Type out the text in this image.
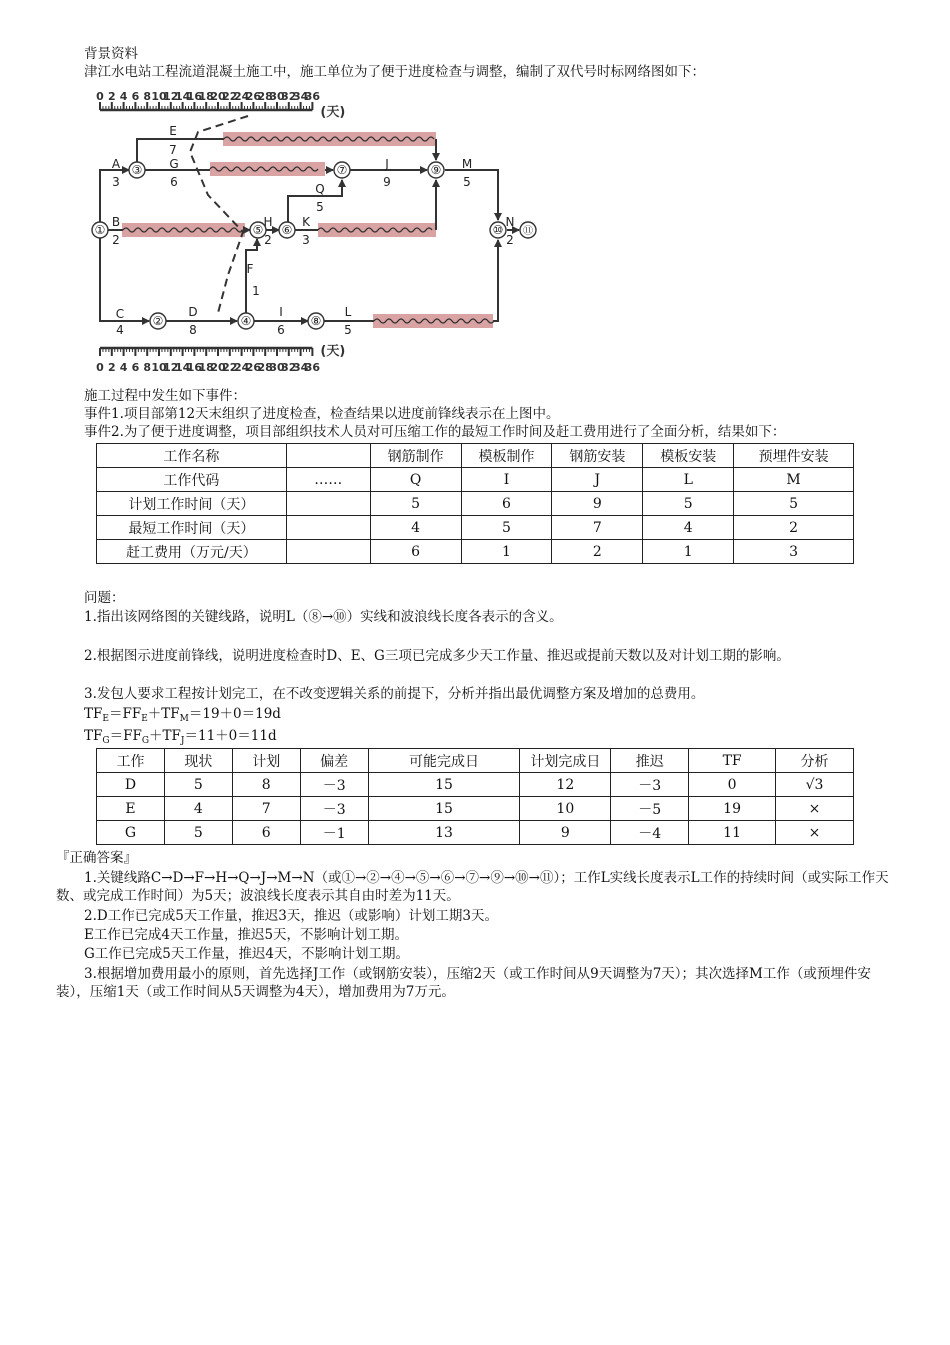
背景资料
津江水电站工程流道混凝土施工中，施工单位为了便于进度检查与调整，编制了双代号时标网络图如下：
0 2 4 6 8 10
12
14
16
18
20
22
24
26
28
30
32
34
36
(天)
0 2 4 6 8 10
12
14
16
18
20
22
24
26
28
30
32
34
36
(天)
①
②
③
④
⑤ ⑥
⑦
⑧
⑨
⑩ ⑪
A
3
B
2
C
4
D
8
E
7
F
1
G
6
H
2
I
6
J
9
K
3
L
5
M
5
N
2
Q
5
施工过程中发生如下事件：
事件1.项目部第12天末组织了进度检查，检查结果以进度前锋线表示在上图中。
事件2.为了便于进度调整，项目部组织技术人员对可压缩工作的最短工作时间及赶工费用进行了全面分析，结果如下：
工作名称		钢筋制作	模板制作	钢筋安装	模板安装	预埋件安装
工作代码	……	Q	I	J	L	M
计划工作时间（天）		5	6	9	5	5
最短工作时间（天）		4	5	7	4	2
赶工费用（万元/天）		6	1	2	1	3
问题：
1.指出该网络图的关键线路，说明L（⑧→⑩）实线和波浪线长度各表示的含义。
2.根据图示进度前锋线，说明进度检查时D、E、G三项已完成多少天工作量、推迟或提前天数以及对计划工期的影响。
3.发包人要求工程按计划完工，在不改变逻辑关系的前提下，分析并指出最优调整方案及增加的总费用。
$TF_E=FF_E+TF_M=19+0=19d$
$TF_G=FF_G+TF_J=11+0=11d$
工作	现状	计划	偏差	可能完成日	计划完成日	推迟	TF	分析
D	5	8	－3	15	12	－3	0	√3
E	4	7	－3	15	10	－5	19	×
G	5	6	－1	13	9	－4	11	×
『正确答案』
1.关键线路C→D→F→H→Q→J→M→N（或①→②→④→⑤→⑥→⑦→⑨→⑩→⑪）；工作L实线长度表示L工作的持续时间（或实际工作天数、或完成工作时间）为5天；波浪线长度表示其自由时差为11天。
2.D工作已完成5天工作量，推迟3天，推迟（或影响）计划工期3天。
E工作已完成4天工作量，推迟5天，不影响计划工期。
G工作已完成5天工作量，推迟4天，不影响计划工期。
3.根据增加费用最小的原则，首先选择J工作（或钢筋安装），压缩2天（或工作时间从9天调整为7天）；其次选择M工作（或预埋件安装），压缩1天（或工作时间从5天调整为4天），增加费用为7万元。
